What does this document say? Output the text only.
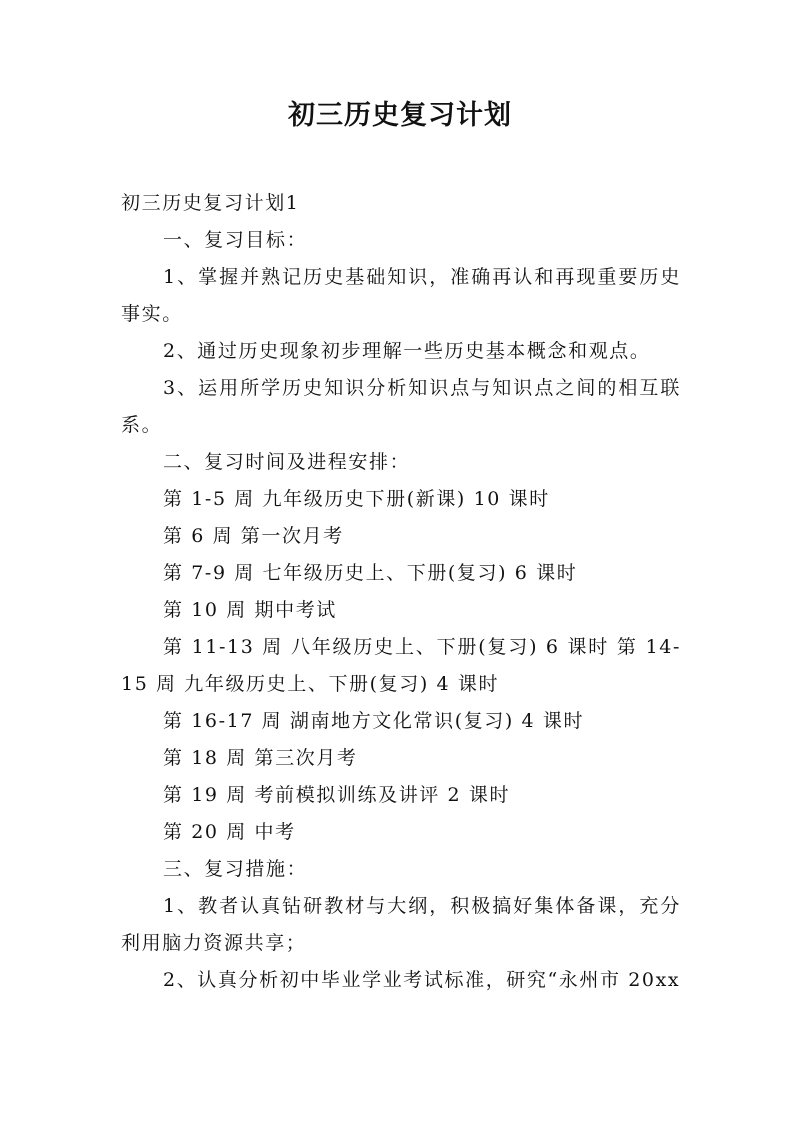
初三历史复习计划

初三历史复习计划1

一、复习目标：

1、掌握并熟记历史基础知识，准确再认和再现重要历史事实。

2、通过历史现象初步理解一些历史基本概念和观点。

3、运用所学历史知识分析知识点与知识点之间的相互联系。

二、复习时间及进程安排：

第 1-5 周 九年级历史下册(新课) 10 课时

第 6 周 第一次月考

第 7-9 周 七年级历史上、下册(复习) 6 课时

第 10 周 期中考试

第 11-13 周 八年级历史上、下册(复习) 6 课时 第 14-15 周 九年级历史上、下册(复习) 4 课时

第 16-17 周 湖南地方文化常识(复习) 4 课时

第 18 周 第三次月考

第 19 周 考前模拟训练及讲评 2 课时

第 20 周 中考

三、复习措施：

1、教者认真钻研教材与大纲，积极搞好集体备课，充分利用脑力资源共享；

2、认真分析初中毕业学业考试标准，研究“永州市 20xx
